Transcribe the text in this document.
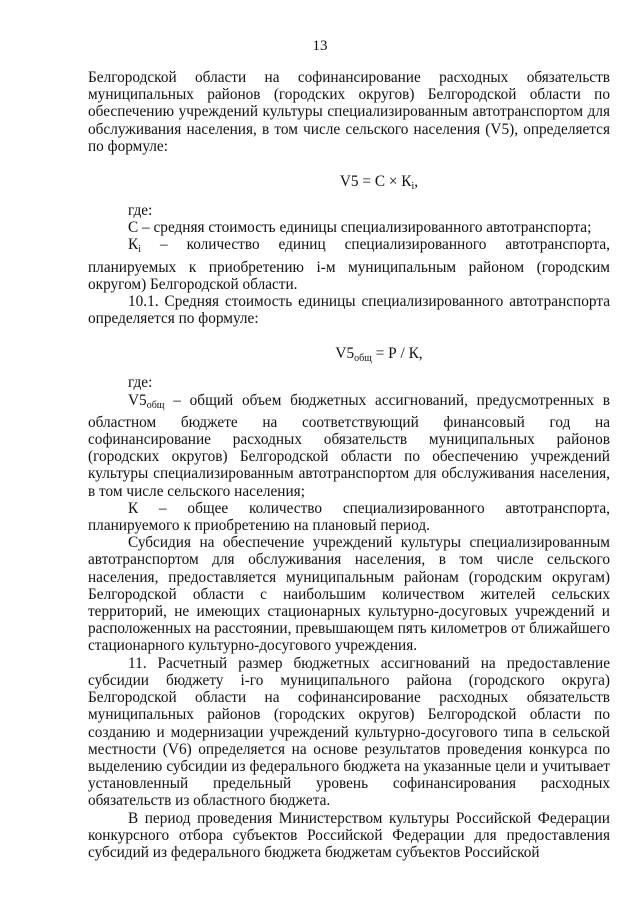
13

Белгородской области на софинансирование расходных обязательств муниципальных районов (городских округов) Белгородской области по обеспечению учреждений культуры специализированным автотранспортом для обслуживания населения, в том числе сельского населения (V5), определяется по формуле:

$V5 = С \times К_i$,

где:

С – средняя стоимость единицы специализированного автотранспорта;

$К_i$ – количество единиц специализированного автотранспорта, планируемых к приобретению i-м муниципальным районом (городским округом) Белгородской области.

10.1. Средняя стоимость единицы специализированного автотранспорта определяется по формуле:

$V5_{общ} = Р / К$,

где:

$V5_{общ}$ – общий объем бюджетных ассигнований, предусмотренных в областном бюджете на соответствующий финансовый год на софинансирование расходных обязательств муниципальных районов (городских округов) Белгородской области по обеспечению учреждений культуры специализированным автотранспортом для обслуживания населения, в том числе сельского населения;

К – общее количество специализированного автотранспорта, планируемого к приобретению на плановый период.

Субсидия на обеспечение учреждений культуры специализированным автотранспортом для обслуживания населения, в том числе сельского населения, предоставляется муниципальным районам (городским округам) Белгородской области с наибольшим количеством жителей сельских территорий, не имеющих стационарных культурно-досуговых учреждений и расположенных на расстоянии, превышающем пять километров от ближайшего стационарного культурно-досугового учреждения.

11. Расчетный размер бюджетных ассигнований на предоставление субсидии бюджету i-го муниципального района (городского округа) Белгородской области на софинансирование расходных обязательств муниципальных районов (городских округов) Белгородской области по созданию и модернизации учреждений культурно-досугового типа в сельской местности (V6) определяется на основе результатов проведения конкурса по выделению субсидии из федерального бюджета на указанные цели и учитывает установленный предельный уровень софинансирования расходных обязательств из областного бюджета.

В период проведения Министерством культуры Российской Федерации конкурсного отбора субъектов Российской Федерации для предоставления субсидий из федерального бюджета бюджетам субъектов Российской
